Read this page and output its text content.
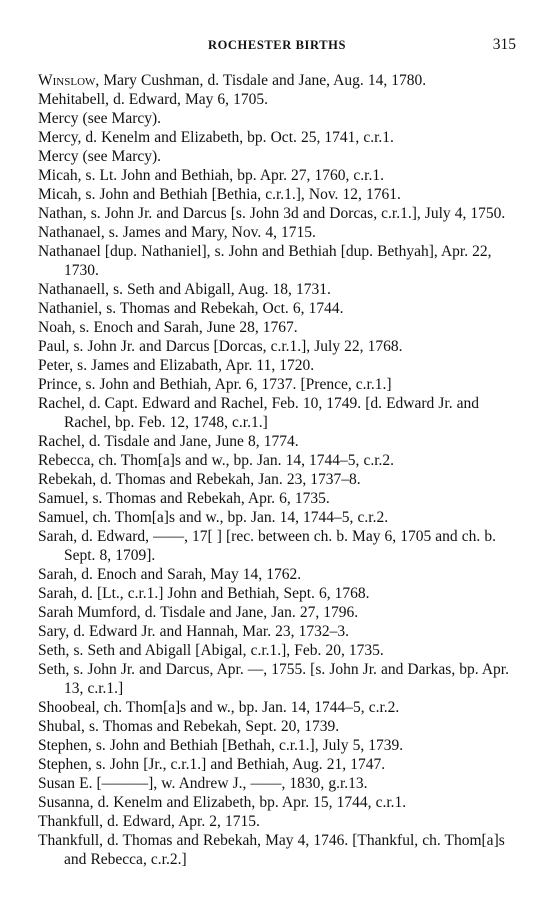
ROCHESTER BIRTHS	315
Winslow, Mary Cushman, d. Tisdale and Jane, Aug. 14, 1780.
Mehitabell, d. Edward, May 6, 1705.
Mercy (see Marcy).
Mercy, d. Kenelm and Elizabeth, bp. Oct. 25, 1741, c.r.1.
Mercy (see Marcy).
Micah, s. Lt. John and Bethiah, bp. Apr. 27, 1760, c.r.1.
Micah, s. John and Bethiah [Bethia, c.r.1.], Nov. 12, 1761.
Nathan, s. John Jr. and Darcus [s. John 3d and Dorcas, c.r.1.], July 4, 1750.
Nathanael, s. James and Mary, Nov. 4, 1715.
Nathanael [dup. Nathaniel], s. John and Bethiah [dup. Bethyah], Apr. 22, 1730.
Nathanaell, s. Seth and Abigall, Aug. 18, 1731.
Nathaniel, s. Thomas and Rebekah, Oct. 6, 1744.
Noah, s. Enoch and Sarah, June 28, 1767.
Paul, s. John Jr. and Darcus [Dorcas, c.r.1.], July 22, 1768.
Peter, s. James and Elizabath, Apr. 11, 1720.
Prince, s. John and Bethiah, Apr. 6, 1737. [Prence, c.r.1.]
Rachel, d. Capt. Edward and Rachel, Feb. 10, 1749. [d. Edward Jr. and Rachel, bp. Feb. 12, 1748, c.r.1.]
Rachel, d. Tisdale and Jane, June 8, 1774.
Rebecca, ch. Thom[a]s and w., bp. Jan. 14, 1744–5, c.r.2.
Rebekah, d. Thomas and Rebekah, Jan. 23, 1737–8.
Samuel, s. Thomas and Rebekah, Apr. 6, 1735.
Samuel, ch. Thom[a]s and w., bp. Jan. 14, 1744–5, c.r.2.
Sarah, d. Edward, ——, 17[ ] [rec. between ch. b. May 6, 1705 and ch. b. Sept. 8, 1709].
Sarah, d. Enoch and Sarah, May 14, 1762.
Sarah, d. [Lt., c.r.1.] John and Bethiah, Sept. 6, 1768.
Sarah Mumford, d. Tisdale and Jane, Jan. 27, 1796.
Sary, d. Edward Jr. and Hannah, Mar. 23, 1732–3.
Seth, s. Seth and Abigall [Abigal, c.r.1.], Feb. 20, 1735.
Seth, s. John Jr. and Darcus, Apr. —, 1755. [s. John Jr. and Darkas, bp. Apr. 13, c.r.1.]
Shoobeal, ch. Thom[a]s and w., bp. Jan. 14, 1744–5, c.r.2.
Shubal, s. Thomas and Rebekah, Sept. 20, 1739.
Stephen, s. John and Bethiah [Bethah, c.r.1.], July 5, 1739.
Stephen, s. John [Jr., c.r.1.] and Bethiah, Aug. 21, 1747.
Susan E. [———], w. Andrew J., ——, 1830, g.r.13.
Susanna, d. Kenelm and Elizabeth, bp. Apr. 15, 1744, c.r.1.
Thankfull, d. Edward, Apr. 2, 1715.
Thankfull, d. Thomas and Rebekah, May 4, 1746. [Thankful, ch. Thom[a]s and Rebecca, c.r.2.]
